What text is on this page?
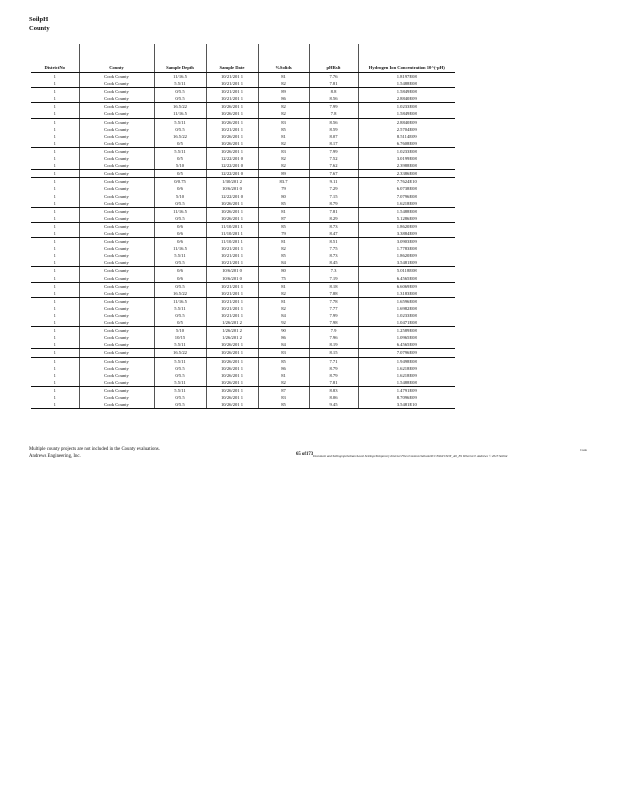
SoilpH
County
DistrictNo	County	Sample Depth	Sample Date	%Solids	pHRslt	Hydrogen Ion Concentration 10^(-pH)
1	Cook County	11/16.5	10/21/201 1	81	7.76	1.8197E08
1	Cook County	5.5/11	10/21/201 1	82	7.81	1.5488E08
1	Cook County	0/5.5	10/21/201 1	89	8.8	1.5849E08
1	Cook County	0/5.5	10/21/201 1	86	8.56	2.8840E09
1	Cook County	16.5/22	10/26/201 1	82	7.99	1.0233E08
1	Cook County	11/16.5	10/26/201 1	82	7.8	1.5849E08
1	Cook County	5.5/11	10/26/201 1	83	8.56	2.8840E09
1	Cook County	0/5.5	10/21/201 1	85	8.59	2.5704E09
1	Cook County	16.5/22	10/26/201 1	81	8.07	8.5114E09
1	Cook County	0/5	10/26/201 1	82	8.17	6.7608E09
1	Cook County	5.5/11	10/26/201 1	83	7.99	1.0233E08
1	Cook County	0/5	12/22/201 0	82	7.52	3.0199E08
1	Cook County	5/10	12/22/201 0	82	7.62	2.3988E08
1	Cook County	0/5	12/22/201 0	89	7.67	2.3386E08
1	Cook County	0/0.75	1/30/201 2	83.7	9.11	7.7624E10
1	Cook County	0/6	10/6/201 0	79	7.29	6.0738E08
1	Cook County	5/10	12/22/201 0	80	7.15	7.0796E08
1	Cook County	0/5.5	10/26/201 1	85	8.79	1.6218E09
1	Cook County	11/16.5	10/26/201 1	81	7.81	1.5488E08
1	Cook County	0/5.5	10/26/201 1	87	8.29	5.1286E09
1	Cook County	0/6	11/10/201 1	85	8.73	1.8620E09
1	Cook County	0/6	11/10/201 1	79	8.47	3.3884E09
1	Cook County	0/6	11/10/201 1	81	8.51	3.0903E09
1	Cook County	11/16.5	10/21/201 1	82	7.75	1.7783E08
1	Cook County	5.5/11	10/21/201 1	85	8.73	1.8620E09
1	Cook County	0/5.5	10/21/201 1	84	8.45	3.5481E09
1	Cook County	0/6	10/6/201 0	80	7.3	5.0118E08
1	Cook County	0/6	10/6/201 0	75	7.19	6.4565E08
1	Cook County	0/5.5	10/21/201 1	81	8.18	6.6069E09
1	Cook County	16.5/22	10/21/201 1	82	7.88	1.3183E08
1	Cook County	11/16.5	10/21/201 1	81	7.78	1.6596E08
1	Cook County	5.5/11	10/21/201 1	82	7.77	1.6982E08
1	Cook County	0/5.5	10/21/201 1	84	7.99	1.0233E08
1	Cook County	0/5	1/26/201 2	92	7.98	1.0471E08
1	Cook County	5/10	1/26/201 2	90	7.9	1.2589E08
1	Cook County	10/15	1/26/201 2	86	7.96	1.0965E08
1	Cook County	5.5/11	10/26/201 1	84	8.19	6.4565E09
1	Cook County	16.5/22	10/26/201 1	83	8.15	7.0796E09
1	Cook County	5.5/11	10/26/201 1	85	7.71	1.9498E08
1	Cook County	0/5.5	10/26/201 1	86	8.79	1.6218E09
1	Cook County	0/5.5	10/26/201 1	81	8.79	1.6218E09
1	Cook County	5.5/11	10/26/201 1	82	7.81	1.5488E08
1	Cook County	5.5/11	10/26/201 1	87	8.83	1.4791E09
1	Cook County	0/5.5	10/26/201 1	83	8.06	8.7096E09
1	Cook County	0/5.5	10/26/201 1	85	9.45	3.5481E10
Multiple county projects are not included in the County evaluations.
Andrews Engineering, Inc.	65 of173 Document and Settings\pcheiman\Local Settings\Temporary Internet Files\Content.Outlook\9CC30AV1\SOT_All_ES Wherever! Andrews © 2013 Soilint
Cook
